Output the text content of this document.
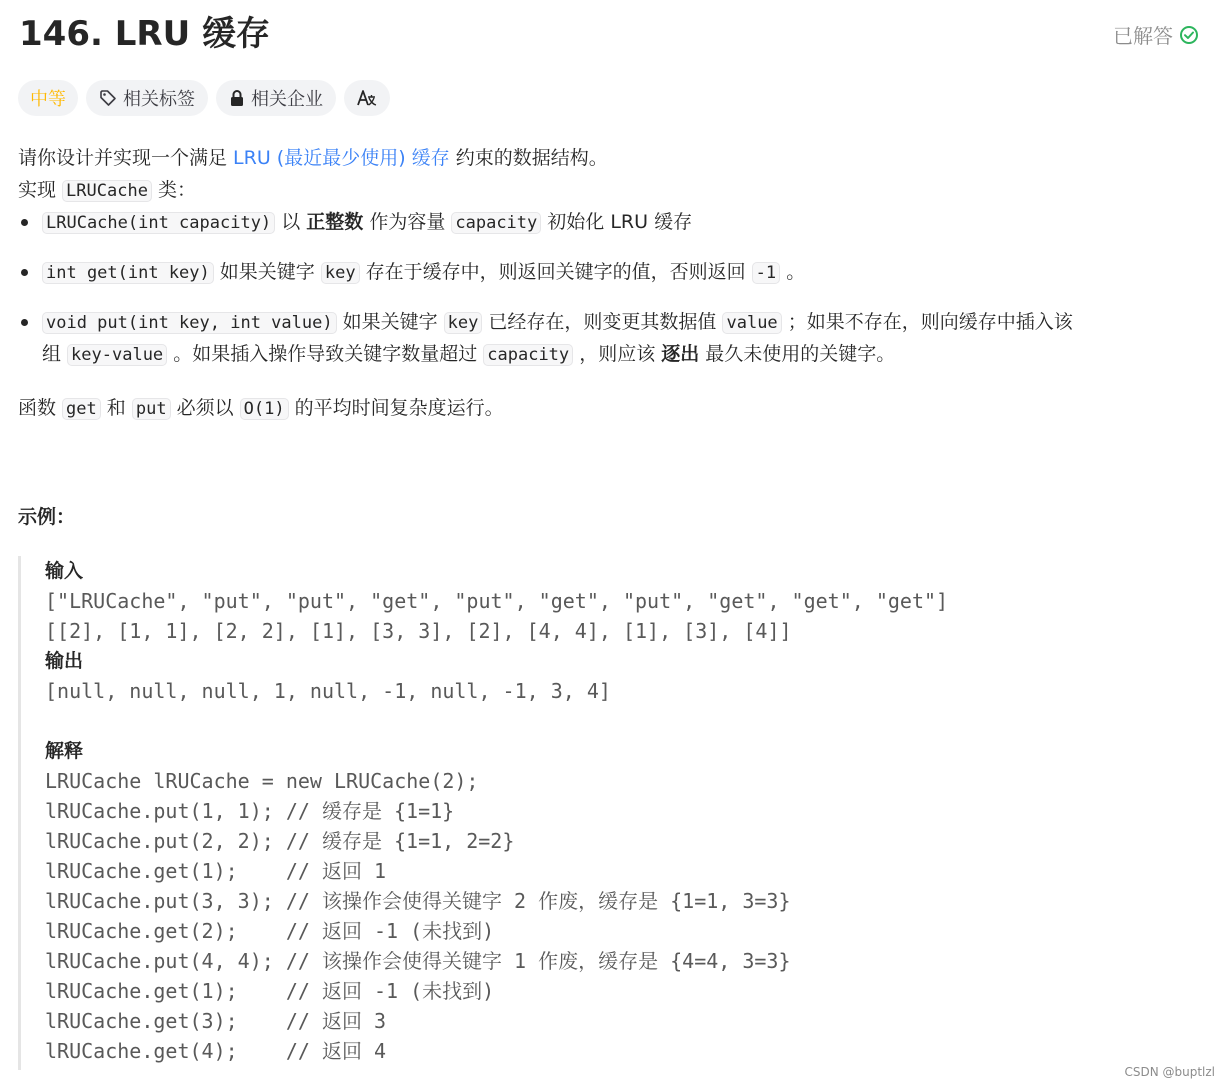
146. LRU 缓存	已解答
中等	相关标签	相关企业
请你设计并实现一个满足 LRU (最近最少使用) 缓存 约束的数据结构。
实现 LRUCache 类：
LRUCache(int capacity) 以 正整数 作为容量 capacity 初始化 LRU 缓存
int get(int key) 如果关键字 key 存在于缓存中，则返回关键字的值，否则返回 -1 。
void put(int key, int value) 如果关键字 key 已经存在，则变更其数据值 value ；如果不存在，则向缓存中插入该
组 key-value 。如果插入操作导致关键字数量超过 capacity ，则应该 逐出 最久未使用的关键字。
函数 get 和 put 必须以 O(1) 的平均时间复杂度运行。
示例：
输入
["LRUCache", "put", "put", "get", "put", "get", "put", "get", "get", "get"]
[[2], [1, 1], [2, 2], [1], [3, 3], [2], [4, 4], [1], [3], [4]]
输出
[null, null, null, 1, null, -1, null, -1, 3, 4]
解释
LRUCache lRUCache = new LRUCache(2);
lRUCache.put(1, 1); // 缓存是 {1=1}
lRUCache.put(2, 2); // 缓存是 {1=1, 2=2}
lRUCache.get(1);    // 返回 1
lRUCache.put(3, 3); // 该操作会使得关键字 2 作废，缓存是 {1=1, 3=3}
lRUCache.get(2);    // 返回 -1 (未找到)
lRUCache.put(4, 4); // 该操作会使得关键字 1 作废，缓存是 {4=4, 3=3}
lRUCache.get(1);    // 返回 -1 (未找到)
lRUCache.get(3);    // 返回 3
lRUCache.get(4);    // 返回 4
CSDN @buptlzl
